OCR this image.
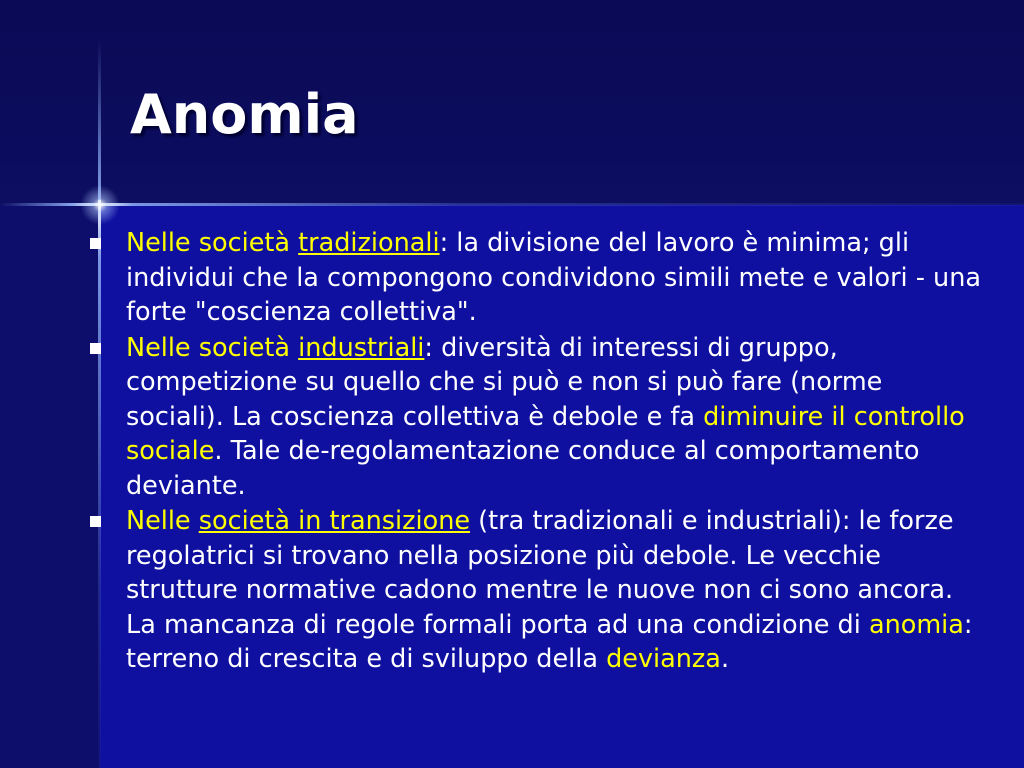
Anomia
Nelle società tradizionali: la divisione del lavoro è minima; gli individui che la compongono condividono simili mete e valori - una forte "coscienza collettiva".
Nelle società industriali: diversità di interessi di gruppo, competizione su quello che si può e non si può fare (norme sociali). La coscienza collettiva è debole e fa diminuire il controllo sociale. Tale de-regolamentazione conduce al comportamento deviante.
Nelle società in transizione (tra tradizionali e industriali): le forze regolatrici si trovano nella posizione più debole. Le vecchie strutture normative cadono mentre le nuove non ci sono ancora. La mancanza di regole formali porta ad una condizione di anomia: terreno di crescita e di sviluppo della devianza.
